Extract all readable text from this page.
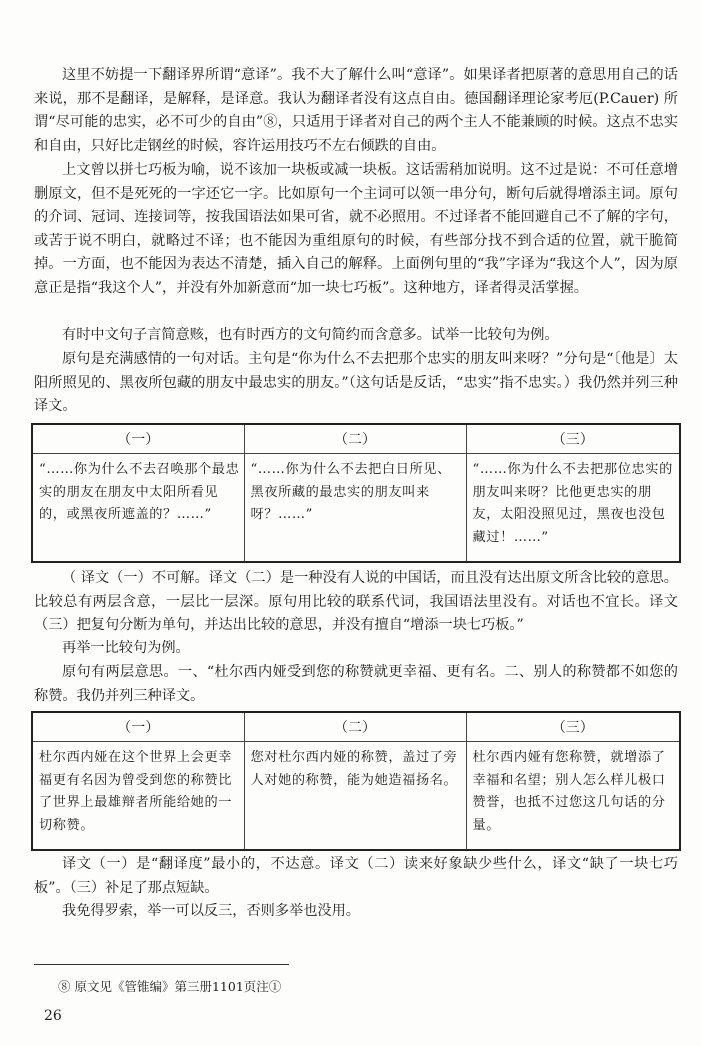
这里不妨提一下翻译界所谓“意译”。我不大了解什么叫“意译”。如果译者把原著的意思用自己的话来说，那不是翻译，是解释，是译意。我认为翻译者没有这点自由。德国翻译理论家考厄(P.Cauer) 所谓“尽可能的忠实，必不可少的自由”⑧，只适用于译者对自己的两个主人不能兼顾的时候。这点不忠实和自由，只好比走钢丝的时候，容许运用技巧不左右倾跌的自由。

上文曾以拼七巧板为喻，说不该加一块板或减一块板。这话需稍加说明。这不过是说：不可任意增删原文，但不是死死的一字还它一字。比如原句一个主词可以领一串分句，断句后就得增添主词。原句的介词、冠词、连接词等，按我国语法如果可省，就不必照用。不过译者不能回避自己不了解的字句，或苦于说不明白，就略过不译；也不能因为重组原句的时候，有些部分找不到合适的位置，就干脆简掉。一方面，也不能因为表达不清楚，插入自己的解释。上面例句里的“我”字译为“我这个人”，因为原意正是指“我这个人”，并没有外加新意而“加一块七巧板”。这种地方，译者得灵活掌握。

有时中文句子言简意赅，也有时西方的文句简约而含意多。试举一比较句为例。

原句是充满感情的一句对话。主句是“你为什么不去把那个忠实的朋友叫来呀？”分句是“〔他是〕太阳所照见的、黑夜所包藏的朋友中最忠实的朋友。”（这句话是反话，“忠实”指不忠实。）我仍然并列三种译文。

（一）	（二）	（三）
“……你为什么不去召唤那个最忠实的朋友在朋友中太阳所看见的，或黑夜所遮盖的？……”	“……你为什么不去把白日所见、黑夜所藏的最忠实的朋友叫来呀？……”	“……你为什么不去把那位忠实的朋友叫来呀？比他更忠实的朋友，太阳没照见过，黑夜也没包藏过！……”

（ 译文（一）不可解。译文（二）是一种没有人说的中国话，而且没有达出原文所含比较的意思。比较总有两层含意，一层比一层深。原句用比较的联系代词，我国语法里没有。对话也不宜长。译文（三）把复句分断为单句，并达出比较的意思，并没有擅自“增添一块七巧板。”

再举一比较句为例。

原句有两层意思。一、“杜尔西内娅受到您的称赞就更幸福、更有名。二、别人的称赞都不如您的称赞。我仍并列三种译文。

（一）	（二）	（三）
杜尔西内娅在这个世界上会更幸福更有名因为曾受到您的称赞比了世界上最雄辩者所能给她的一切称赞。	您对杜尔西内娅的称赞，盖过了旁人对她的称赞，能为她造福扬名。	杜尔西内娅有您称赞，就增添了幸福和名望；别人怎么样儿极口赞誉，也抵不过您这几句话的分量。

译文（一）是“翻译度”最小的，不达意。译文（二）读来好象缺少些什么，译文“缺了一块七巧板”。（三）补足了那点短缺。

我免得罗索，举一可以反三，否则多举也没用。

⑧ 原文见《管锥编》第三册1101页注①
26
